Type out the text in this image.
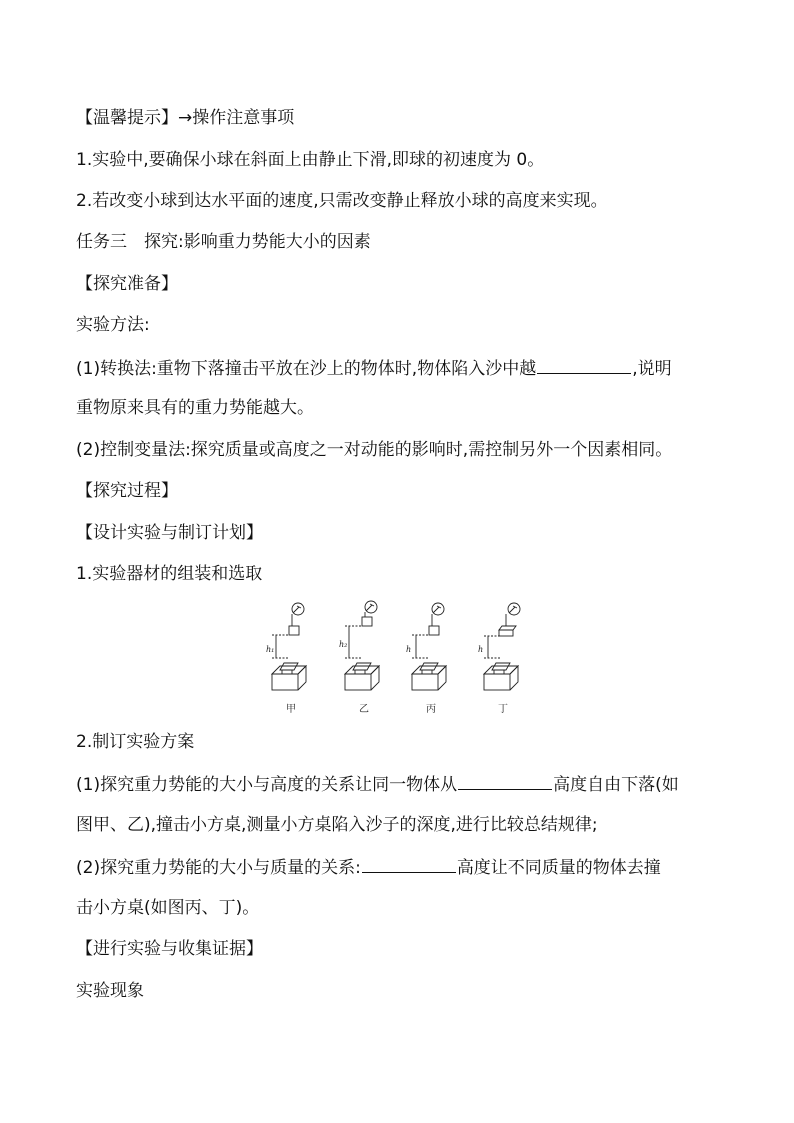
【温馨提示】→操作注意事项
1.实验中,要确保小球在斜面上由静止下滑,即球的初速度为 0。
2.若改变小球到达水平面的速度,只需改变静止释放小球的高度来实现。
任务三　探究:影响重力势能大小的因素
【探究准备】
实验方法:
(1)转换法:重物下落撞击平放在沙上的物体时,物体陷入沙中越	,说明
重物原来具有的重力势能越大。
(2)控制变量法:探究质量或高度之一对动能的影响时,需控制另外一个因素相同。
【探究过程】
【设计实验与制订计划】
1.实验器材的组装和选取
h₁
h₂
h	h
甲	乙	丙	丁
2.制订实验方案
(1)探究重力势能的大小与高度的关系让同一物体从	高度自由下落(如
图甲、乙),撞击小方桌,测量小方桌陷入沙子的深度,进行比较总结规律;
(2)探究重力势能的大小与质量的关系:	高度让不同质量的物体去撞
击小方桌(如图丙、丁)。
【进行实验与收集证据】
实验现象
